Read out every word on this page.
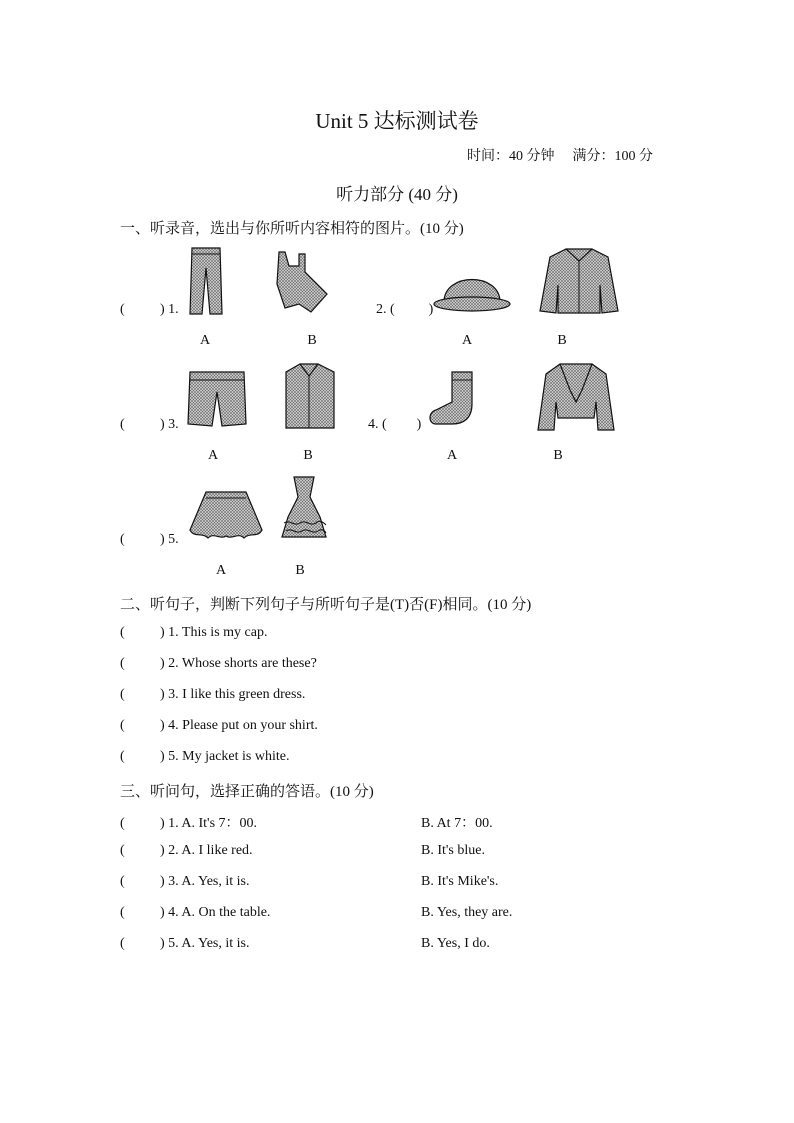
Unit 5 达标测试卷
时间：40 分钟 满分：100 分
听力部分 (40 分)
一、听录音，选出与你所听内容相符的图片。(10 分)
(	) 1.
A	B
2. ( )
A	B
(	) 3.
A	B
4. ( )
A	B
(	) 5.
A	B
二、听句子，判断下列句子与所听句子是(T)否(F)相同。(10 分)
(	) 1. This is my cap.
(	) 2. Whose shorts are these?
(	) 3. I like this green dress.
(	) 4. Please put on your shirt.
(	) 5. My jacket is white.
三、听问句，选择正确的答语。(10 分)
(	) 1. A. It's 7：00.	B. At 7：00.
(	) 2. A. I like red.	B. It's blue.
(	) 3. A. Yes, it is.	B. It's Mike's.
(	) 4. A. On the table.	B. Yes, they are.
(	) 5. A. Yes, it is.	B. Yes, I do.
